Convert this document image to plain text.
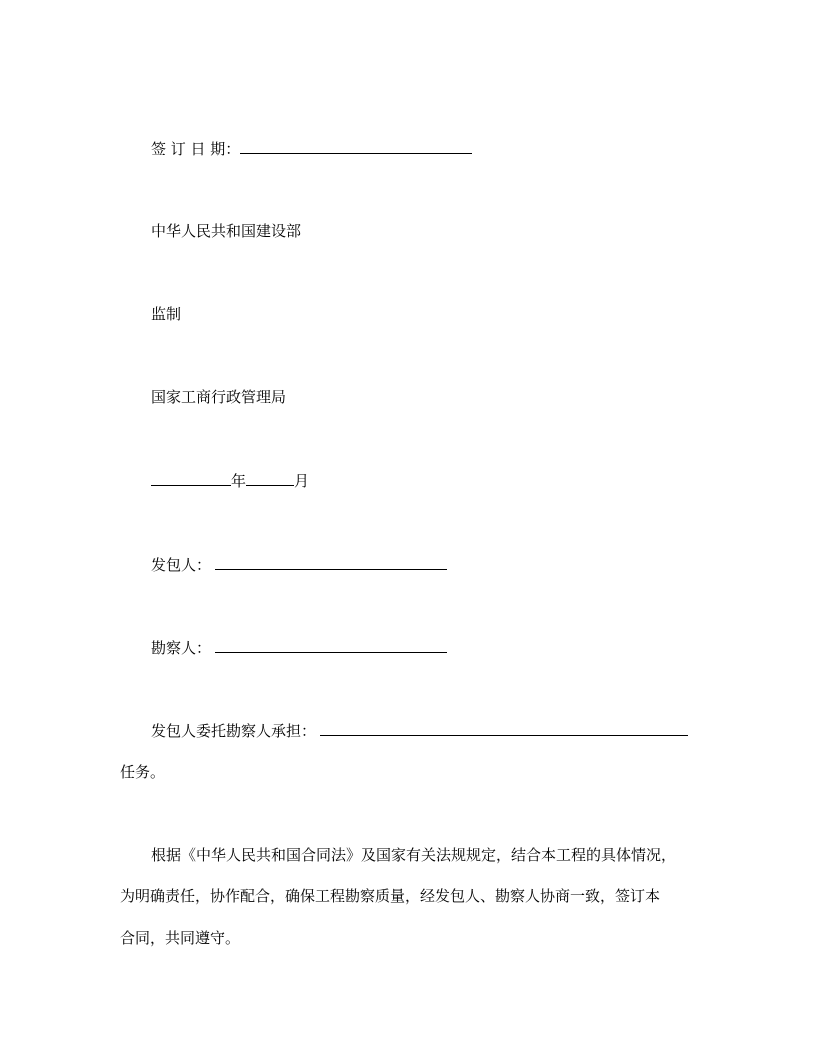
签 订 日 期：
中华人民共和国建设部
监制
国家工商行政管理局
年	月
发包人：
勘察人：
发包人委托勘察人承担：
任务。
根据《中华人民共和国合同法》及国家有关法规规定，结合本工程的具体情况，
为明确责任，协作配合，确保工程勘察质量，经发包人、勘察人协商一致，签订本
合同，共同遵守。
